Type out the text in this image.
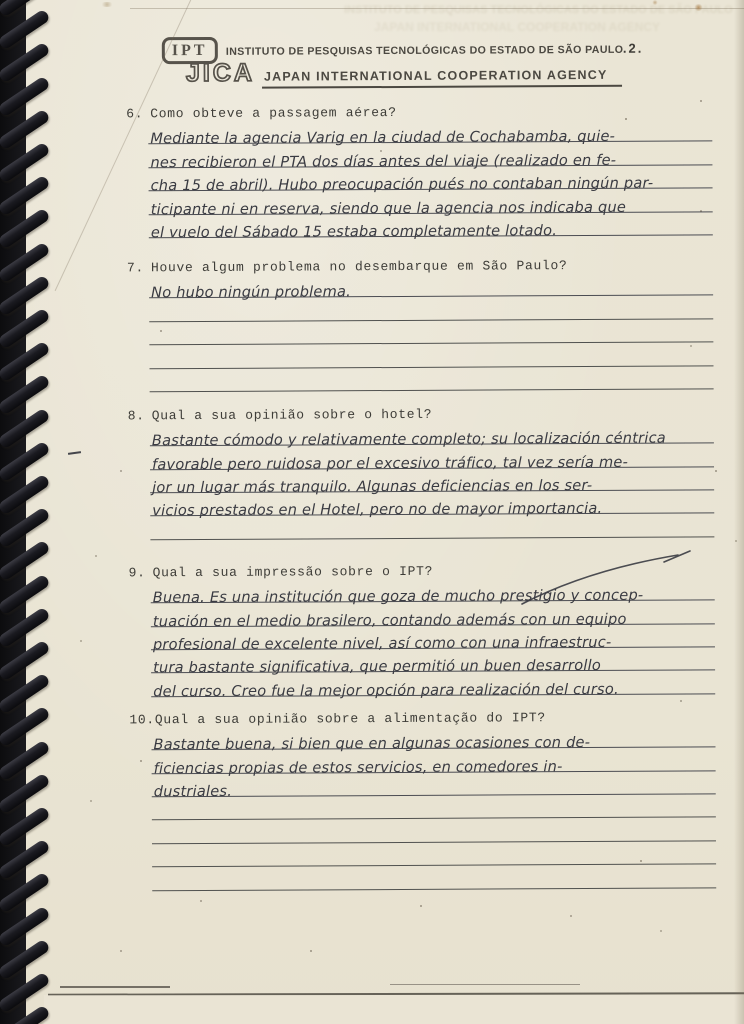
INSTITUTO DE PESQUISAS TECNOLÓGICAS DO ESTADO DE SÃO PAULO
JAPAN INTERNATIONAL COOPERATION AGENCY
IPT	INSTITUTO DE PESQUISAS TECNOLÓGICAS DO ESTADO DE SÃO PAULO .2.
JICA JAPAN INTERNATIONAL COOPERATION AGENCY
6. Como obteve a passagem aérea?
Mediante la agencia Varig en la ciudad de Cochabamba, quie-
nes recibieron el PTA dos días antes del viaje (realizado en fe-
cha 15 de abril). Hubo preocupación pués no contaban ningún par-
ticipante ni en reserva, siendo que la agencia nos indicaba que
el vuelo del Sábado 15 estaba completamente lotado.
7. Houve algum problema no desembarque em São Paulo?
No hubo ningún problema.
8. Qual a sua opinião sobre o hotel?
Bastante cómodo y relativamente completo; su localización céntrica
favorable pero ruidosa por el excesivo tráfico, tal vez sería me-
jor un lugar más tranquilo. Algunas deficiencias en los ser-
vicios prestados en el Hotel, pero no de mayor importancia.
9. Qual a sua impressão sobre o IPT?
Buena. Es una institución que goza de mucho prestigio y concep-
tuación en el medio brasilero, contando además con un equipo
profesional de excelente nivel, así como con una infraestruc-
tura bastante significativa, que permitió un buen desarrollo
del curso. Creo fue la mejor opción para realización del curso.
10.Qual a sua opinião sobre a alimentação do IPT?
Bastante buena, si bien que en algunas ocasiones con de-
ficiencias propias de estos servicios, en comedores in-
dustriales.
